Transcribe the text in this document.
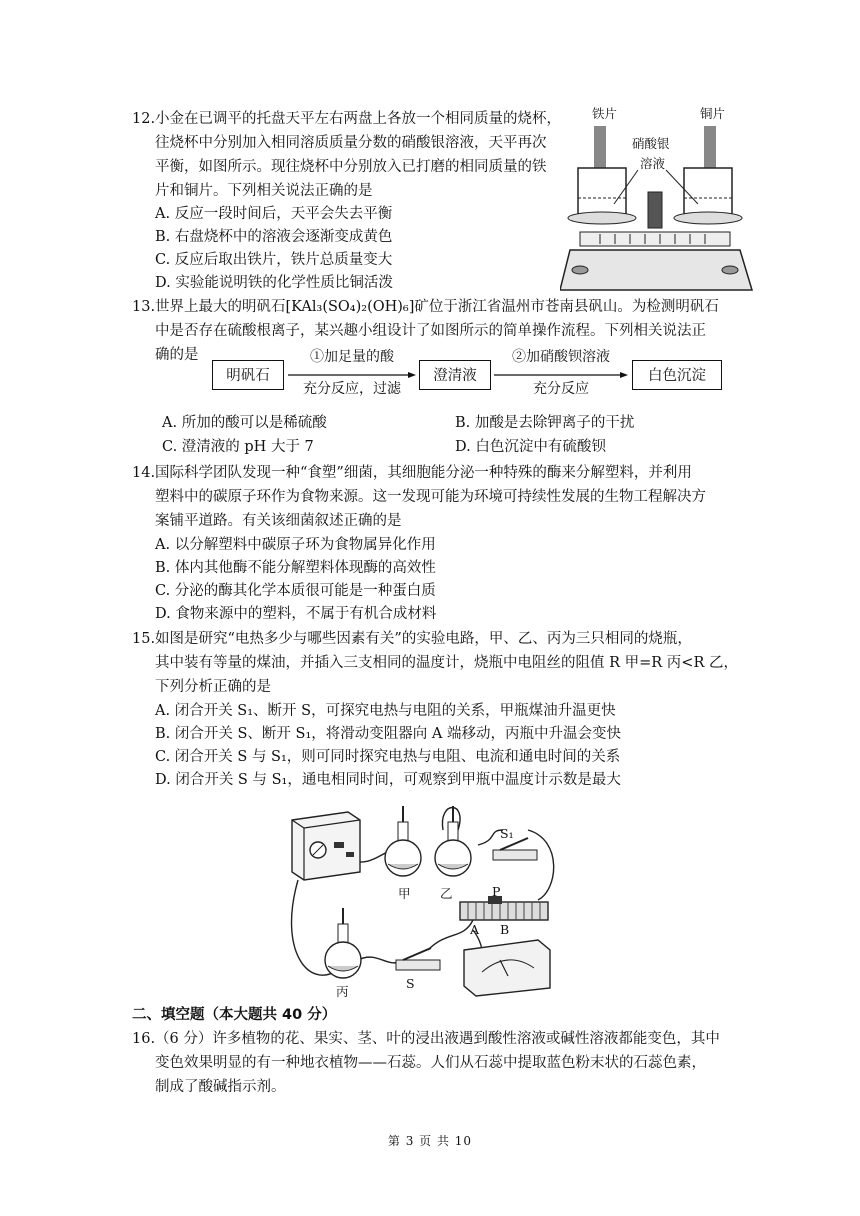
12. 小金在已调平的托盘天平左右两盘上各放一个相同质量的烧杯，
往烧杯中分别加入相同溶质质量分数的硝酸银溶液，天平再次
平衡，如图所示。现往烧杯中分别放入已打磨的相同质量的铁
片和铜片。下列相关说法正确的是
A. 反应一段时间后，天平会失去平衡
B. 右盘烧杯中的溶液会逐渐变成黄色
C. 反应后取出铁片，铁片总质量变大
D. 实验能说明铁的化学性质比铜活泼
铁片	铜片
硝酸银
溶液
13. 世界上最大的明矾石[KAl₃(SO₄)₂(OH)₆]矿位于浙江省温州市苍南县矾山。为检测明矾石
中是否存在硫酸根离子，某兴趣小组设计了如图所示的简单操作流程。下列相关说法正
确的是
明矾石
①加足量的酸
充分反应，过滤
澄清液
②加硝酸钡溶液
充分反应
白色沉淀
A. 所加的酸可以是稀硫酸	B. 加酸是去除钾离子的干扰
C. 澄清液的 pH 大于 7	D. 白色沉淀中有硫酸钡
14. 国际科学团队发现一种“食塑”细菌，其细胞能分泌一种特殊的酶来分解塑料，并利用
塑料中的碳原子环作为食物来源。这一发现可能为环境可持续性发展的生物工程解决方
案铺平道路。有关该细菌叙述正确的是
A. 以分解塑料中碳原子环为食物属异化作用
B. 体内其他酶不能分解塑料体现酶的高效性
C. 分泌的酶其化学本质很可能是一种蛋白质
D. 食物来源中的塑料，不属于有机合成材料
15. 如图是研究“电热多少与哪些因素有关”的实验电路，甲、乙、丙为三只相同的烧瓶，
其中装有等量的煤油，并插入三支相同的温度计，烧瓶中电阻丝的阻值 R 甲=R 丙<R 乙，
下列分析正确的是
A. 闭合开关 S₁、断开 S，可探究电热与电阻的关系，甲瓶煤油升温更快
B. 闭合开关 S、断开 S₁，将滑动变阻器向 A 端移动，丙瓶中升温会变快
C. 闭合开关 S 与 S₁，则可同时探究电热与电阻、电流和通电时间的关系
D. 闭合开关 S 与 S₁，通电相同时间，可观察到甲瓶中温度计示数是最大
甲 乙
丙
S₁
S
P
A B
二、填空题（本大题共 40 分）
16. （6 分）许多植物的花、果实、茎、叶的浸出液遇到酸性溶液或碱性溶液都能变色，其中
变色效果明显的有一种地衣植物——石蕊。人们从石蕊中提取蓝色粉末状的石蕊色素，
制成了酸碱指示剂。
第 3 页 共 10
